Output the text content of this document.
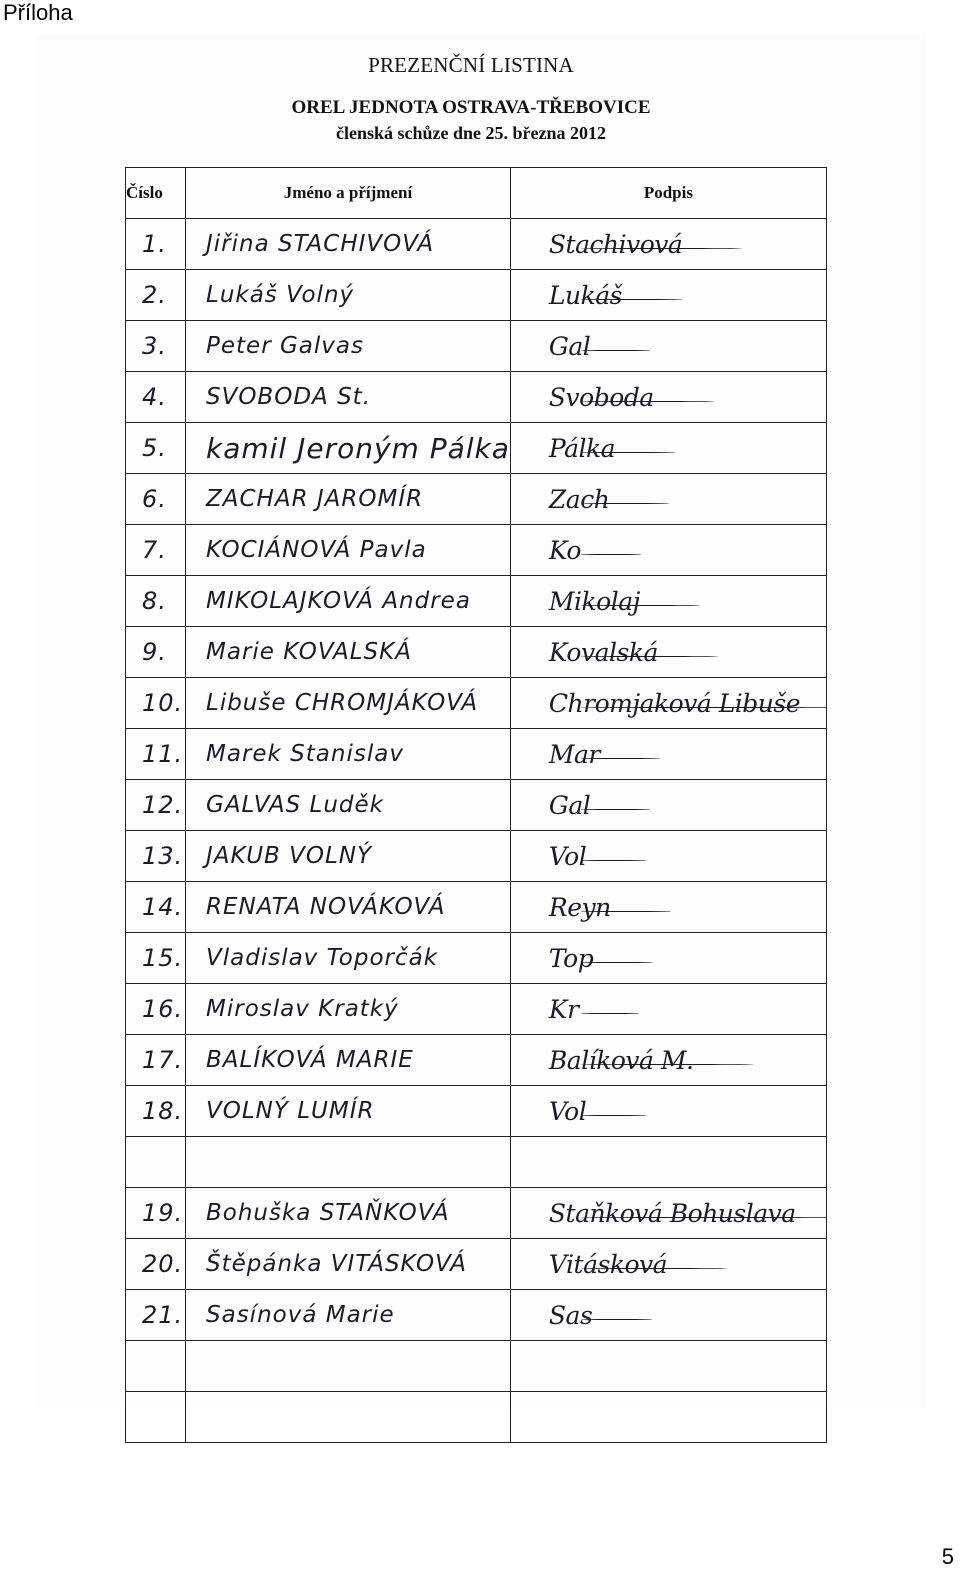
Příloha
PREZENČNÍ LISTINA
OREL JEDNOTA OSTRAVA-TŘEBOVICE
členská schůze dne 25. března 2012
Číslo	Jméno a příjmení	Podpis
1.	Jiřina STACHIVOVÁ	Stachivová
2.	Lukáš Volný	Lukáš
3.	Peter Galvas	Gal
4.	SVOBODA St.	Svoboda
5.	kamil Jeroným Pálka	Pálka
6.	ZACHAR JAROMÍR	Zach
7.	KOCIÁNOVÁ Pavla	Ko
8.	MIKOLAJKOVÁ Andrea	Mikolaj
9.	Marie KOVALSKÁ	Kovalská
10.	Libuše CHROMJÁKOVÁ	Chromjaková Libuše
11.	Marek Stanislav	Mar
12.	GALVAS Luděk	Gal
13.	JAKUB VOLNÝ	Vol
14.	RENATA NOVÁKOVÁ	Reyn
15.	Vladislav Toporčák	Top
16.	Miroslav Kratký	Kr
17.	BALÍKOVÁ MARIE	Balíková M.
18.	VOLNÝ LUMÍR	Vol

19.	Bohuška STAŇKOVÁ	Staňková Bohuslava
20.	Štěpánka VITÁSKOVÁ	Vitásková
21.	Sasínová Marie	Sas

5
